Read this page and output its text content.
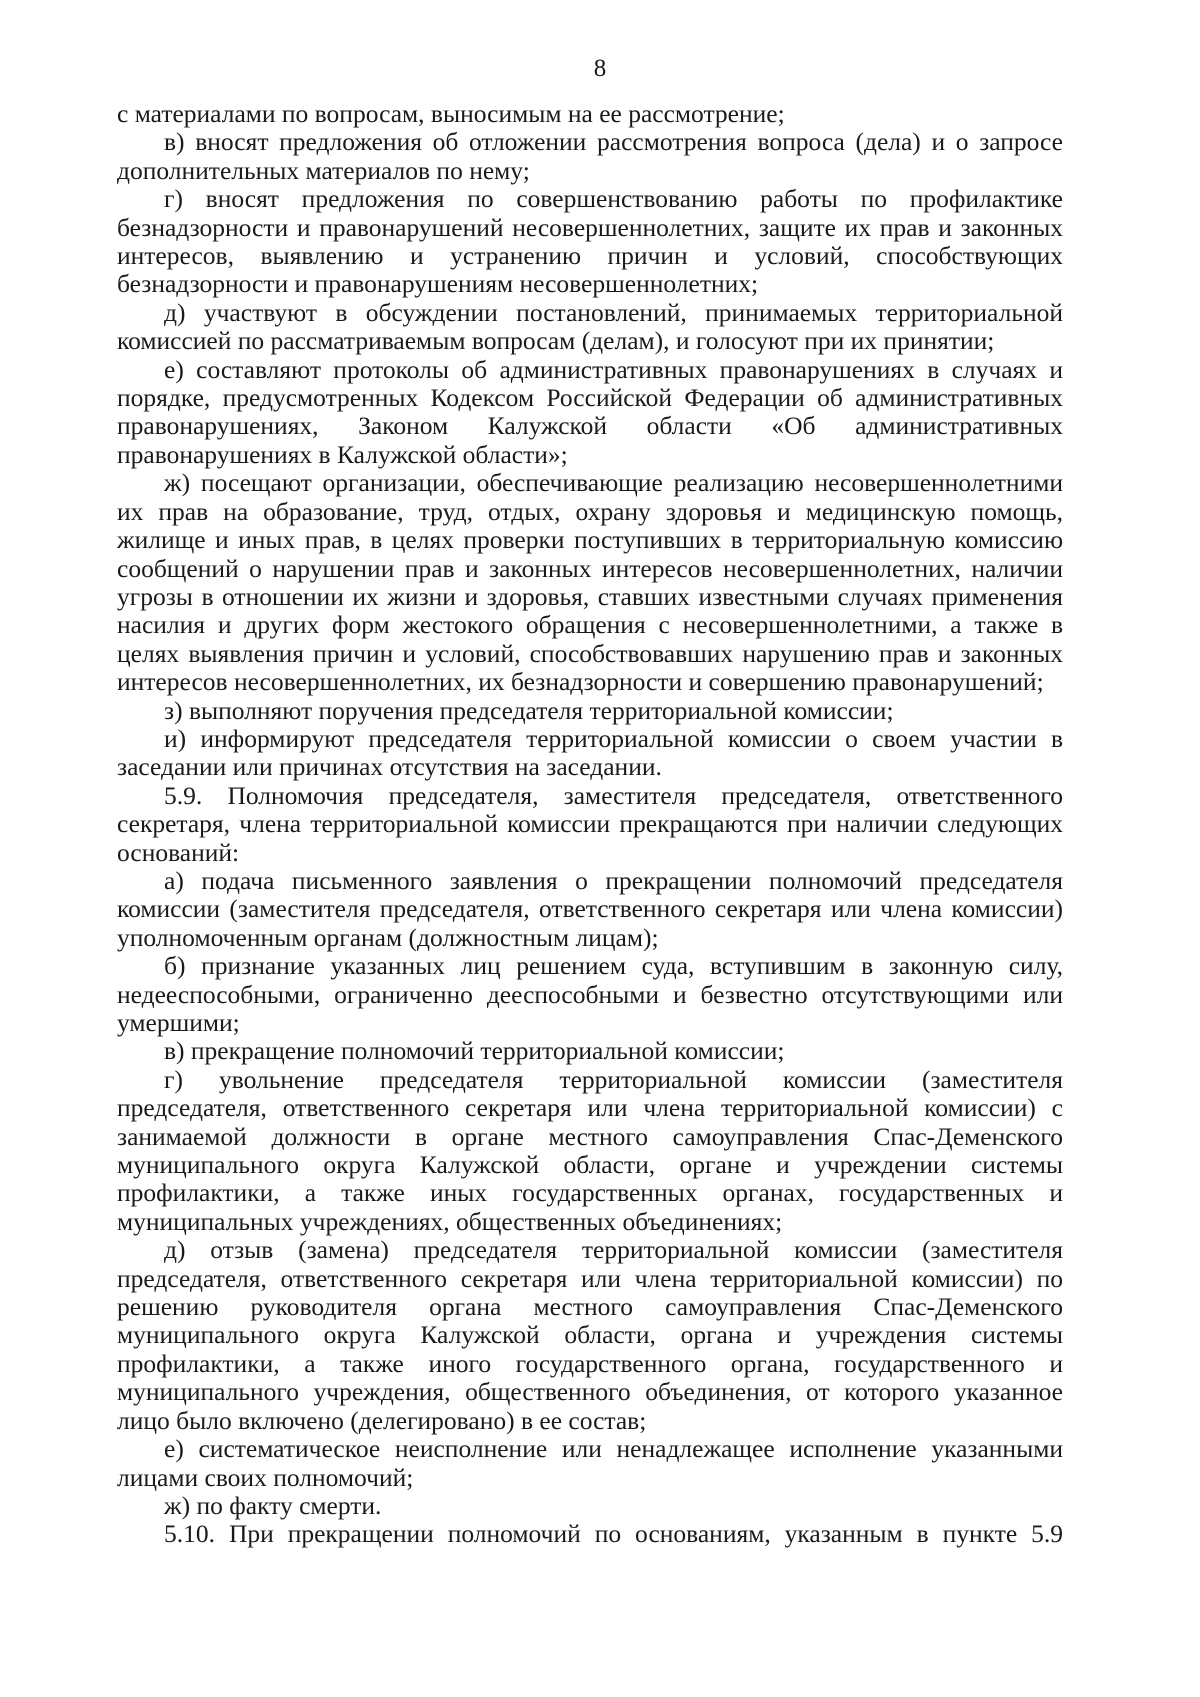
8

с материалами по вопросам, выносимым на ее рассмотрение;

в) вносят предложения об отложении рассмотрения вопроса (дела) и о запросе дополнительных материалов по нему;

г) вносят предложения по совершенствованию работы по профилактике безнадзорности и правонарушений несовершеннолетних, защите их прав и законных интересов, выявлению и устранению причин и условий, способствующих безнадзорности и правонарушениям несовершеннолетних;

д) участвуют в обсуждении постановлений, принимаемых территориальной комиссией по рассматриваемым вопросам (делам), и голосуют при их принятии;

е) составляют протоколы об административных правонарушениях в случаях и порядке, предусмотренных Кодексом Российской Федерации об административных правонарушениях, Законом Калужской области «Об административных правонарушениях в Калужской области»;

ж) посещают организации, обеспечивающие реализацию несовершеннолетними их прав на образование, труд, отдых, охрану здоровья и медицинскую помощь, жилище и иных прав, в целях проверки поступивших в территориальную комиссию сообщений о нарушении прав и законных интересов несовершеннолетних, наличии угрозы в отношении их жизни и здоровья, ставших известными случаях применения насилия и других форм жестокого обращения с несовершеннолетними, а также в целях выявления причин и условий, способствовавших нарушению прав и законных интересов несовершеннолетних, их безнадзорности и совершению правонарушений;

з) выполняют поручения председателя территориальной комиссии;

и) информируют председателя территориальной комиссии о своем участии в заседании или причинах отсутствия на заседании.

5.9. Полномочия председателя, заместителя председателя, ответственного секретаря, члена территориальной комиссии прекращаются при наличии следующих оснований:

а) подача письменного заявления о прекращении полномочий председателя комиссии (заместителя председателя, ответственного секретаря или члена комиссии) уполномоченным органам (должностным лицам);

б) признание указанных лиц решением суда, вступившим в законную силу, недееспособными, ограниченно дееспособными и безвестно отсутствующими или умершими;

в) прекращение полномочий территориальной комиссии;

г) увольнение председателя территориальной комиссии (заместителя председателя, ответственного секретаря или члена территориальной комиссии) с занимаемой должности в органе местного самоуправления Спас-Деменского муниципального округа Калужской области, органе и учреждении системы профилактики, а также иных государственных органах, государственных и муниципальных учреждениях, общественных объединениях;

д) отзыв (замена) председателя территориальной комиссии (заместителя председателя, ответственного секретаря или члена территориальной комиссии) по решению руководителя органа местного самоуправления Спас-Деменского муниципального округа Калужской области, органа и учреждения системы профилактики, а также иного государственного органа, государственного и муниципального учреждения, общественного объединения, от которого указанное лицо было включено (делегировано) в ее состав;

е) систематическое неисполнение или ненадлежащее исполнение указанными лицами своих полномочий;

ж) по факту смерти.

5.10. При прекращении полномочий по основаниям, указанным в пункте 5.9
